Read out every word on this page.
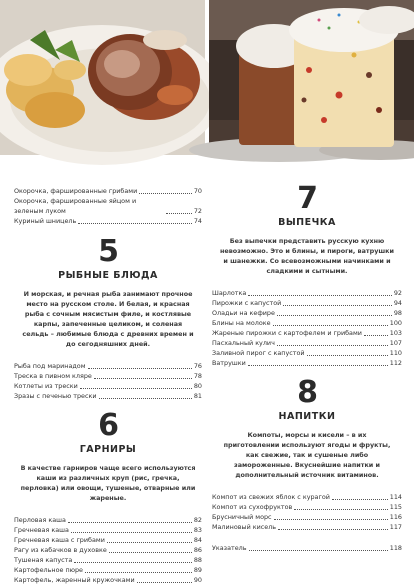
Окорочка, фаршированные грибами	70
Окорочка, фаршированные яйцом и зеленым луком	72
Куриный шницель	74
5
РЫБНЫЕ БЛЮДА
И морская, и речная рыба занимают прочное место на русском столе. И белая, и красная рыба с сочным мясистым филе, и костлявые карпы, запеченные целиком, и соленая сельдь – любимые блюда с древних времен и до сегодняшних дней.
Рыба под маринадом	76
Треска в пивном кляре	78
Котлеты из трески	80
Зразы с печенью трески	81
6
ГАРНИРЫ
В качестве гарниров чаще всего используются каши из различных круп (рис, гречка, перловка) или овощи, тушеные, отварные или жареные.
Перловая каша	82
Гречневая каша	83
Гречневая каша с грибами	84
Рагу из кабачков в духовке	86
Тушеная капуста	88
Картофельное пюре	89
Картофель, жаренный кружочками	90
7
ВЫПЕЧКА
Без выпечки представить русскую кухню невозможно. Это и блины, и пироги, ватрушки и шанежки. Со всевозможными начинками и сладкими и сытными.
Шарлотка	92
Пирожки с капустой	94
Оладьи на кефире	98
Блины на молоке	100
Жареные пирожки с картофелем и грибами	103
Пасхальный кулич	107
Заливной пирог с капустой	110
Ватрушки	112
8
НАПИТКИ
Компоты, морсы и кисели – в их приготовлении используют ягоды и фрукты, как свежие, так и сушеные либо замороженные. Вкуснейшие напитки и дополнительный источник витаминов.
Компот из свежих яблок с курагой	114
Компот из сухофруктов	115
Брусничный морс	116
Малиновый кисель	117
Указатель	118
